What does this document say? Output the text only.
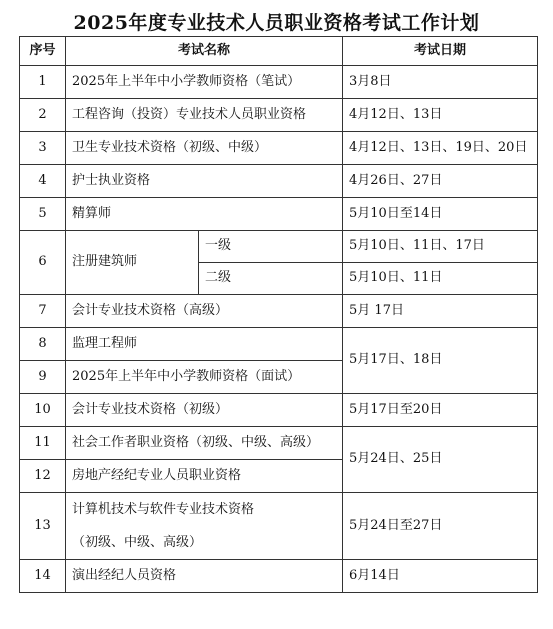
2025年度专业技术人员职业资格考试工作计划
序号	考试名称		考试日期
1	2025年上半年中小学教师资格（笔试）		3月8日
2	工程咨询（投资）专业技术人员职业资格		4月12日、13日
3	卫生专业技术资格（初级、中级）		4月12日、13日、19日、20日
4	护士执业资格		4月26日、27日
5	精算师		5月10日至14日
6	注册建筑师	一级	5月10日、11日、17日
		二级	5月10日、11日
7	会计专业技术资格（高级）		5月 17日
8	监理工程师		5月17日、18日
9	2025年上半年中小学教师资格（面试）		
10	会计专业技术资格（初级）		5月17日至20日
11	社会工作者职业资格（初级、中级、高级）		5月24日、25日
12	房地产经纪专业人员职业资格		
13	计算机技术与软件专业技术资格
（初级、中级、高级）		5月24日至27日
14	演出经纪人员资格		6月14日
